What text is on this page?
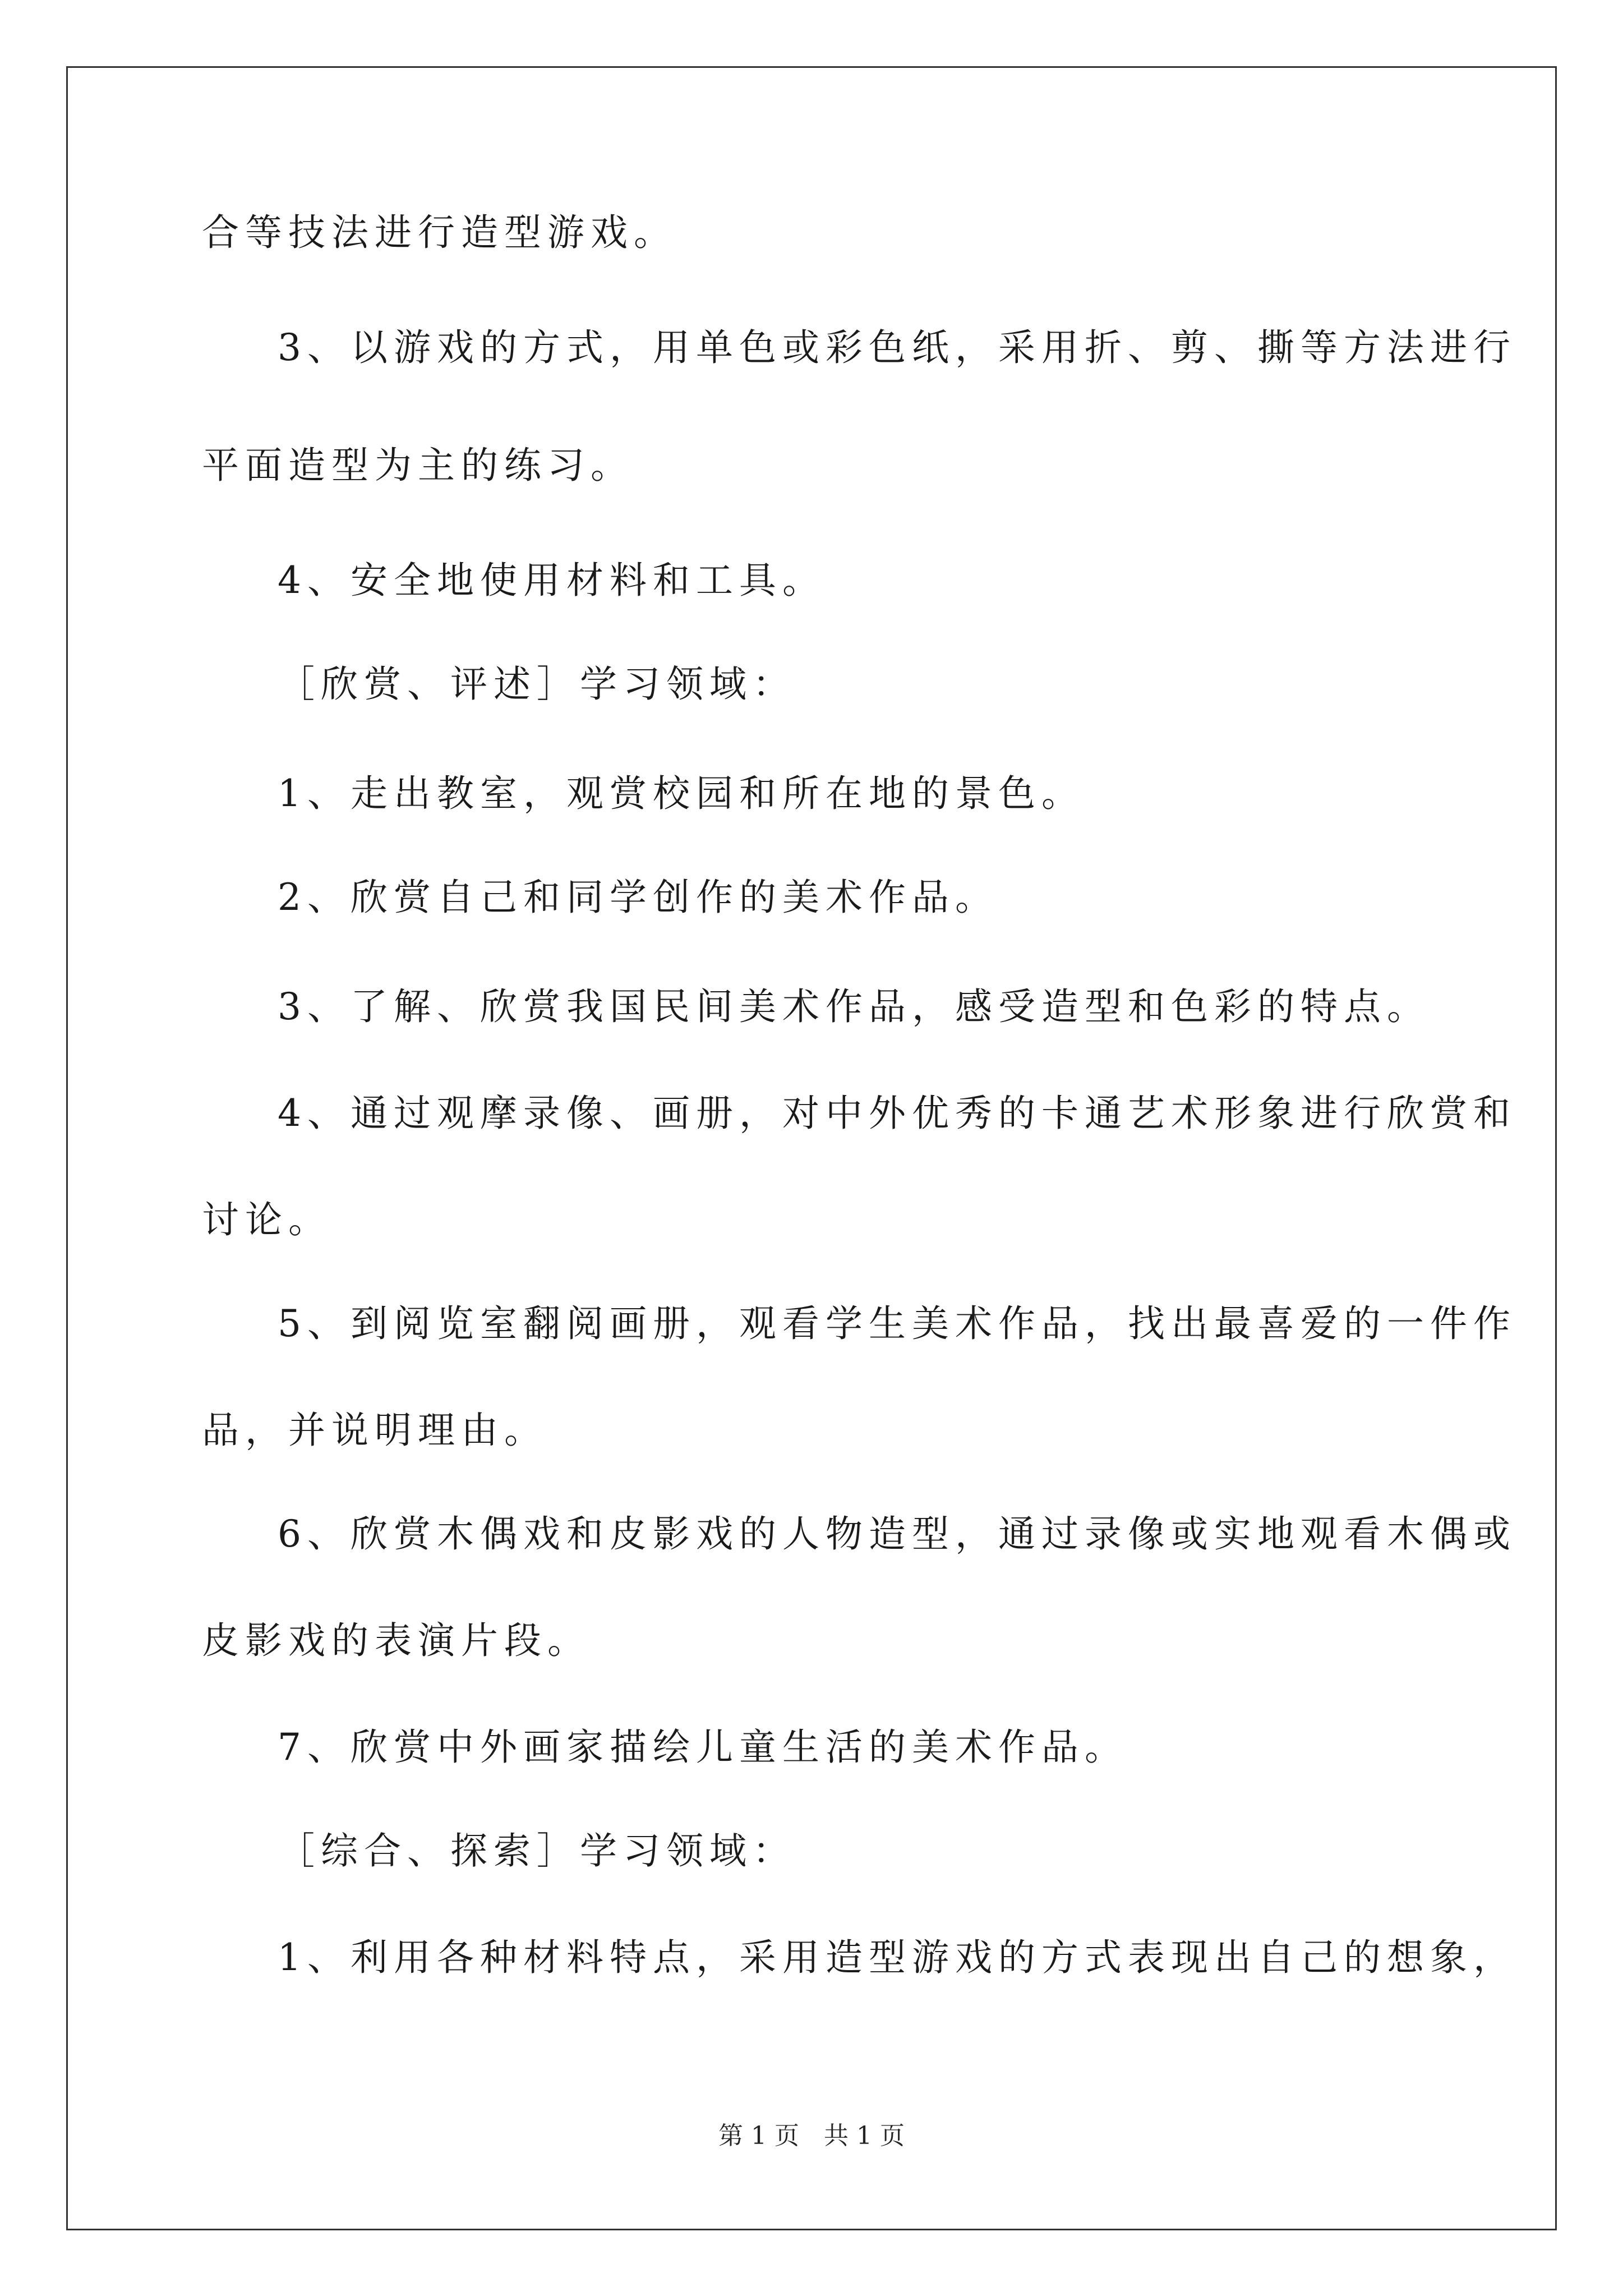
合等技法进行造型游戏。
3、以游戏的方式，用单色或彩色纸，采用折、剪、撕等方法进行
平面造型为主的练习。
4、安全地使用材料和工具。
［欣赏、评述］学习领域：
1、走出教室，观赏校园和所在地的景色。
2、欣赏自己和同学创作的美术作品。
3、了解、欣赏我国民间美术作品，感受造型和色彩的特点。
4、通过观摩录像、画册，对中外优秀的卡通艺术形象进行欣赏和
讨论。
5、到阅览室翻阅画册，观看学生美术作品，找出最喜爱的一件作
品，并说明理由。
6、欣赏木偶戏和皮影戏的人物造型，通过录像或实地观看木偶或
皮影戏的表演片段。
7、欣赏中外画家描绘儿童生活的美术作品。
［综合、探索］学习领域：
1、利用各种材料特点，采用造型游戏的方式表现出自己的想象，
第 1 页　共 1 页
